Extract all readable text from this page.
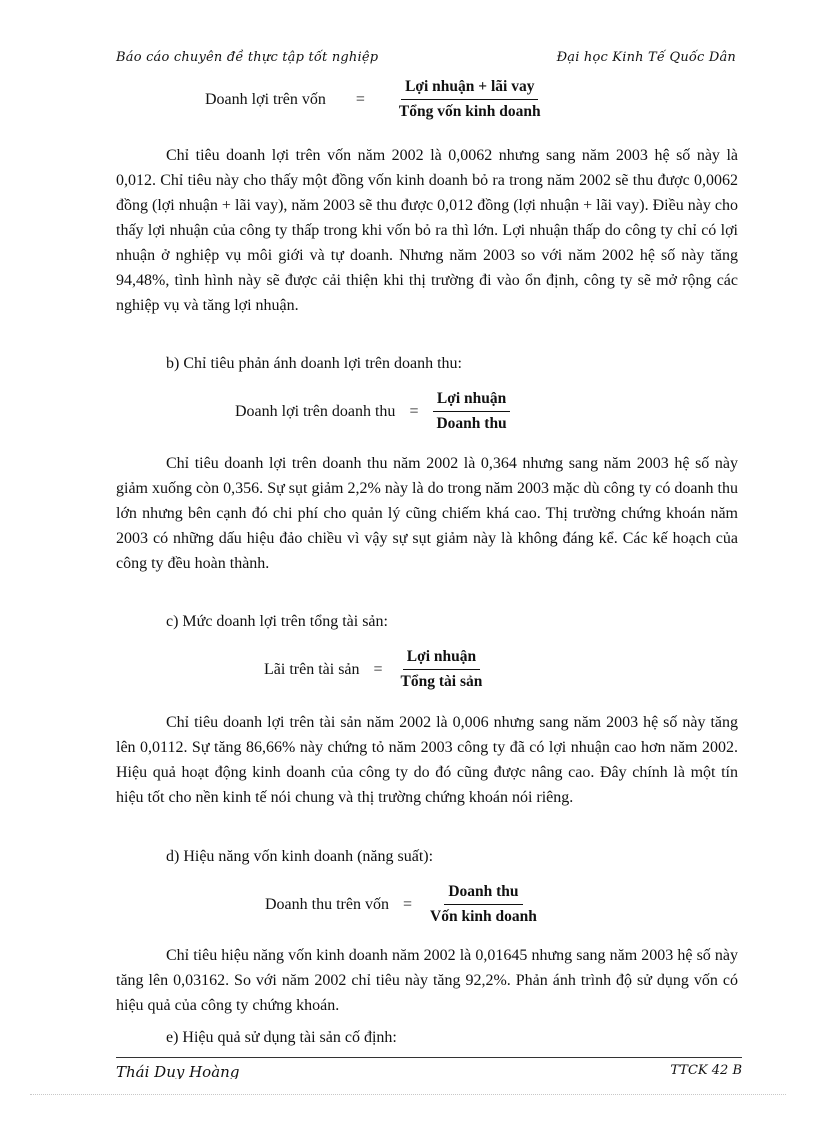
Báo cáo chuyên đề thực tập tốt nghiệp	Đại học Kinh Tế Quốc Dân
Doanh lợi trên vốn = $\frac{\text{Lợi nhuận + lãi vay}}{\text{Tổng vốn kinh doanh}}$

Chỉ tiêu doanh lợi trên vốn năm 2002 là 0,0062 nhưng sang năm 2003 hệ số này là 0,012. Chỉ tiêu này cho thấy một đồng vốn kinh doanh bỏ ra trong năm 2002 sẽ thu được 0,0062 đồng (lợi nhuận + lãi vay), năm 2003 sẽ thu được 0,012 đồng (lợi nhuận + lãi vay). Điều này cho thấy lợi nhuận của công ty thấp trong khi vốn bỏ ra thì lớn. Lợi nhuận thấp do công ty chỉ có lợi nhuận ở nghiệp vụ môi giới và tự doanh. Nhưng năm 2003 so với năm 2002 hệ số này tăng 94,48%, tình hình này sẽ được cải thiện khi thị trường đi vào ổn định, công ty sẽ mở rộng các nghiệp vụ và tăng lợi nhuận.

b) Chỉ tiêu phản ánh doanh lợi trên doanh thu:

Doanh lợi trên doanh thu = $\frac{\text{Lợi nhuận}}{\text{Doanh thu}}$

Chỉ tiêu doanh lợi trên doanh thu năm 2002 là 0,364 nhưng sang năm 2003 hệ số này giảm xuống còn 0,356. Sự sụt giảm 2,2% này là do trong năm 2003 mặc dù công ty có doanh thu lớn nhưng bên cạnh đó chi phí cho quản lý cũng chiếm khá cao. Thị trường chứng khoán năm 2003 có những dấu hiệu đảo chiều vì vậy sự sụt giảm này là không đáng kể. Các kế hoạch của công ty đều hoàn thành.

c) Mức doanh lợi trên tổng tài sản:

Lãi trên tài sản = $\frac{\text{Lợi nhuận}}{\text{Tổng tài sản}}$

Chỉ tiêu doanh lợi trên tài sản năm 2002 là 0,006 nhưng sang năm 2003 hệ số này tăng lên 0,0112. Sự tăng 86,66% này chứng tỏ năm 2003 công ty đã có lợi nhuận cao hơn năm 2002. Hiệu quả hoạt động kinh doanh của công ty do đó cũng được nâng cao. Đây chính là một tín hiệu tốt cho nền kinh tế nói chung và thị trường chứng khoán nói riêng.

d) Hiệu năng vốn kinh doanh (năng suất):

Doanh thu trên vốn = $\frac{\text{Doanh thu}}{\text{Vốn kinh doanh}}$

Chỉ tiêu hiệu năng vốn kinh doanh năm 2002 là 0,01645 nhưng sang năm 2003 hệ số này tăng lên 0,03162. So với năm 2002 chỉ tiêu này tăng 92,2%. Phản ánh trình độ sử dụng vốn có hiệu quả của công ty chứng khoán.

e) Hiệu quả sử dụng tài sản cố định:

Thái Duy Hoàng	TTCK 42 B
